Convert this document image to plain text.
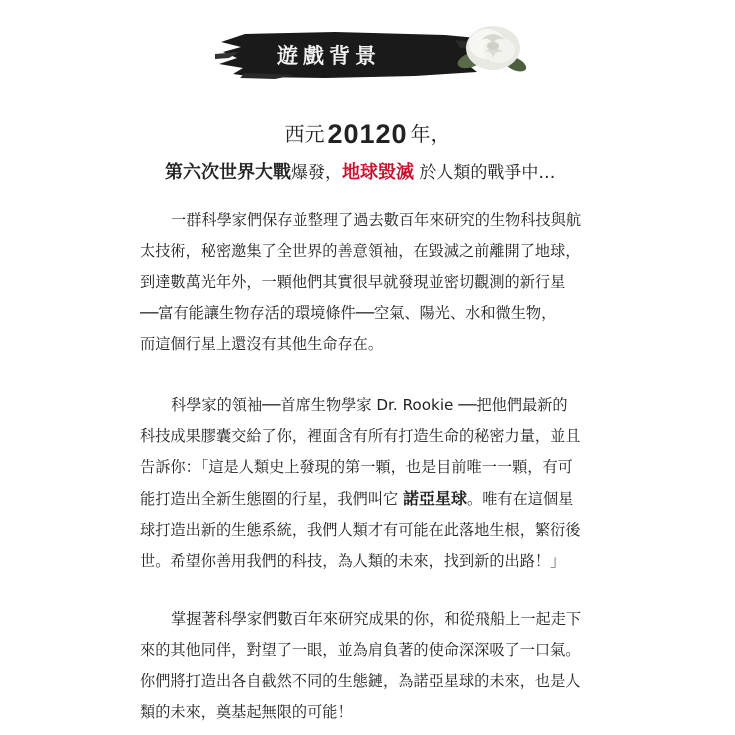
遊戲背景
西元 20120 年，
第六次世界大戰爆發，地球毀滅 於人類的戰爭中…
一群科學家們保存並整理了過去數百年來研究的生物科技與航
太技術，秘密邀集了全世界的善意領袖，在毀滅之前離開了地球，
到達數萬光年外，一顆他們其實很早就發現並密切觀測的新行星
──富有能讓生物存活的環境條件──空氣、陽光、水和微生物，
而這個行星上還沒有其他生命存在。
科學家的領袖──首席生物學家 Dr. Rookie ──把他們最新的
科技成果膠囊交給了你，裡面含有所有打造生命的秘密力量，並且
告訴你：「這是人類史上發現的第一顆，也是目前唯一一顆，有可
能打造出全新生態圈的行星，我們叫它 諾亞星球。唯有在這個星
球打造出新的生態系統，我們人類才有可能在此落地生根，繁衍後
世。希望你善用我們的科技，為人類的未來，找到新的出路！」
掌握著科學家們數百年來研究成果的你，和從飛船上一起走下
來的其他同伴，對望了一眼，並為肩負著的使命深深吸了一口氣。
你們將打造出各自截然不同的生態鏈，為諾亞星球的未來，也是人
類的未來，奠基起無限的可能！
